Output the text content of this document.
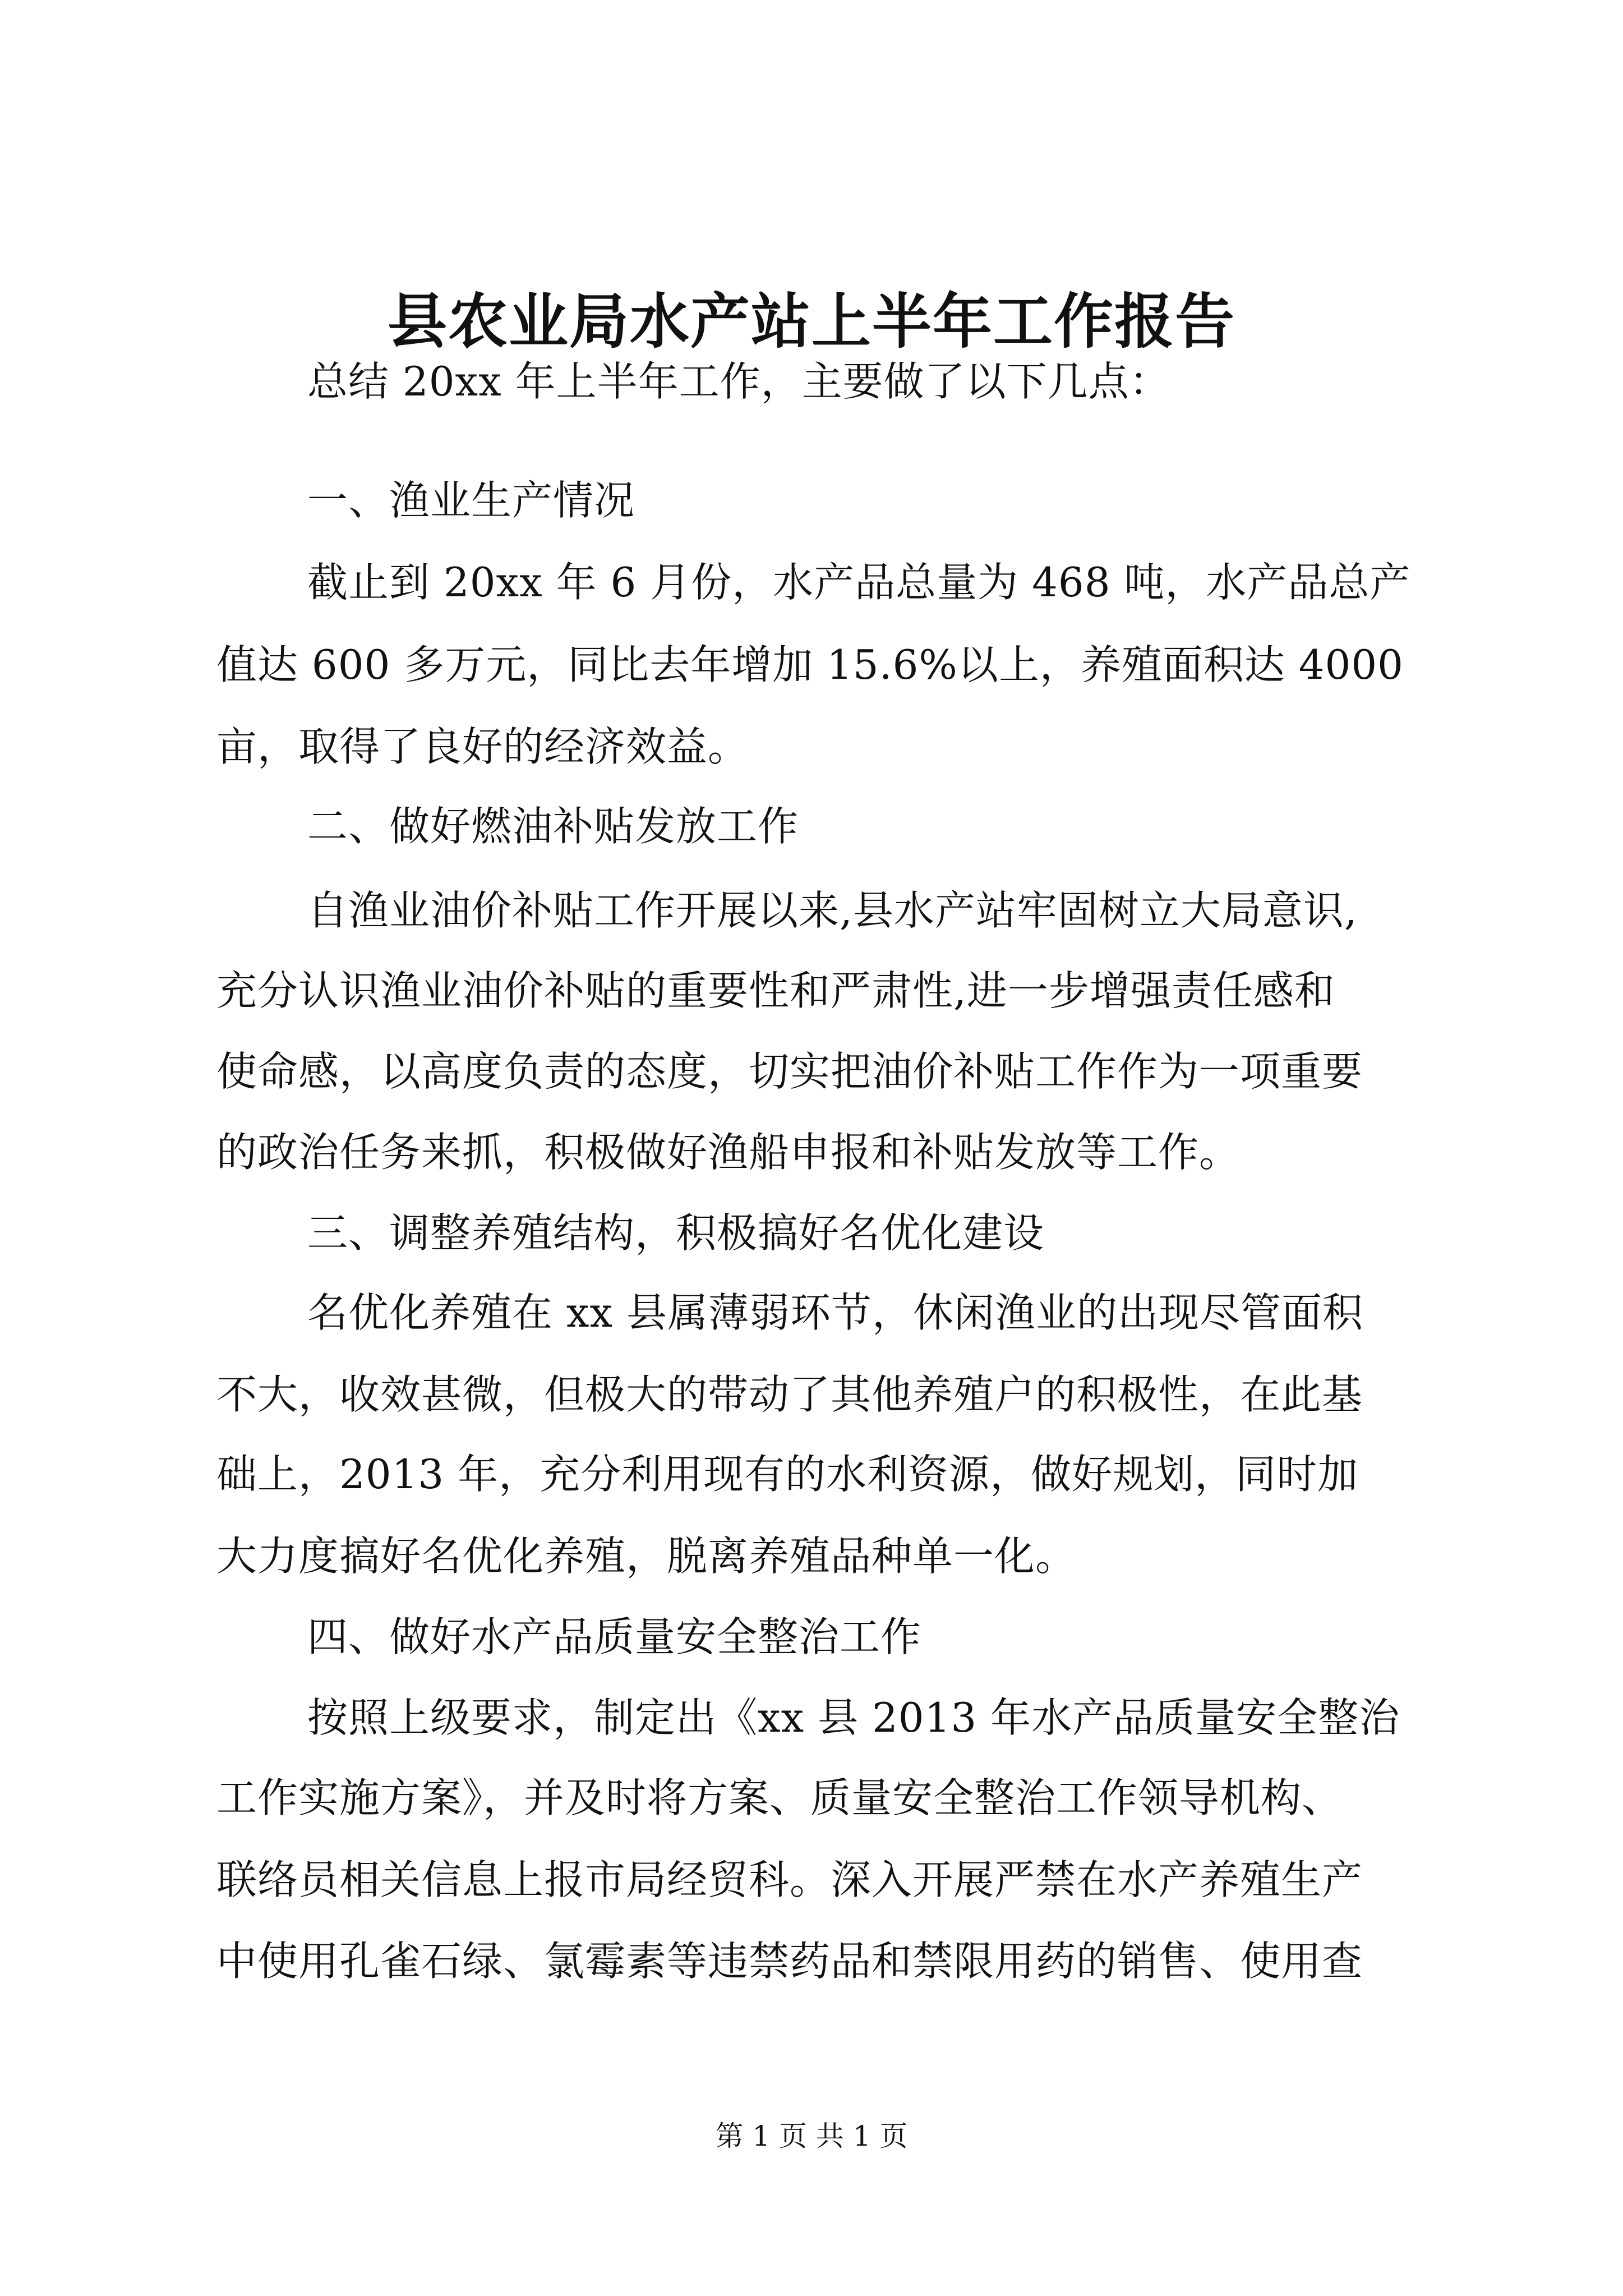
县农业局水产站上半年工作报告
总结 20xx 年上半年工作，主要做了以下几点：
一、渔业生产情况
截止到 20xx 年 6 月份，水产品总量为 468 吨，水产品总产
值达 600 多万元，同比去年增加 15.6%以上，养殖面积达 4000
亩，取得了良好的经济效益。
二、做好燃油补贴发放工作
自渔业油价补贴工作开展以来,县水产站牢固树立大局意识,
充分认识渔业油价补贴的重要性和严肃性,进一步增强责任感和
使命感，以高度负责的态度，切实把油价补贴工作作为一项重要
的政治任务来抓，积极做好渔船申报和补贴发放等工作。
三、调整养殖结构，积极搞好名优化建设
名优化养殖在 xx 县属薄弱环节，休闲渔业的出现尽管面积
不大，收效甚微，但极大的带动了其他养殖户的积极性，在此基
础上，2013 年，充分利用现有的水利资源，做好规划，同时加
大力度搞好名优化养殖，脱离养殖品种单一化。
四、做好水产品质量安全整治工作
按照上级要求，制定出《xx 县 2013 年水产品质量安全整治
工作实施方案》，并及时将方案、质量安全整治工作领导机构、
联络员相关信息上报市局经贸科。深入开展严禁在水产养殖生产
中使用孔雀石绿、氯霉素等违禁药品和禁限用药的销售、使用查
第 1 页 共 1 页
